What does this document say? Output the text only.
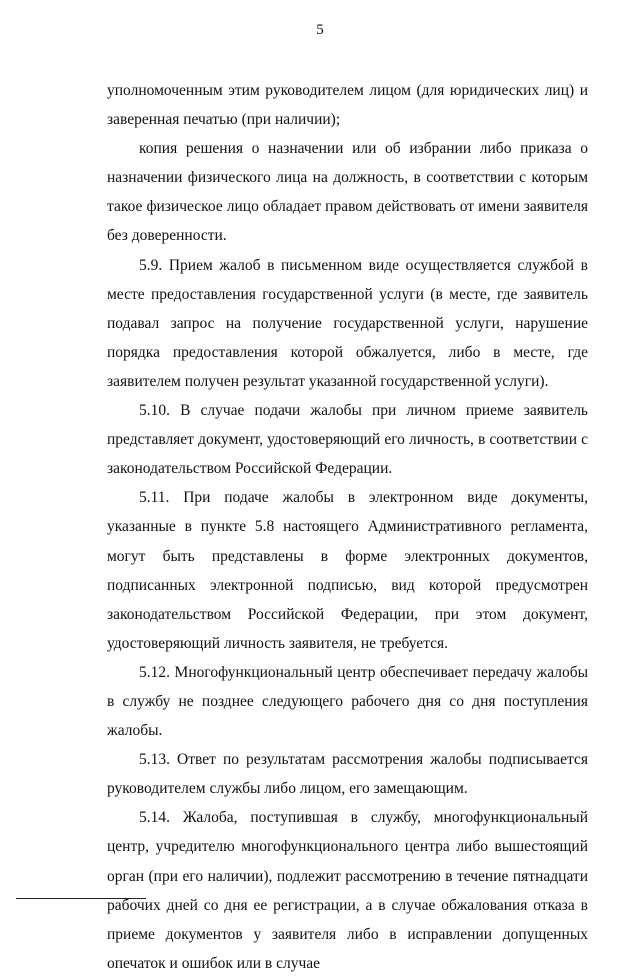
5

уполномоченным этим руководителем лицом (для юридических лиц) и заверенная печатью (при наличии);

копия решения о назначении или об избрании либо приказа о назначении физического лица на должность, в соответствии с которым такое физическое лицо обладает правом действовать от имени заявителя без доверенности.

5.9. Прием жалоб в письменном виде осуществляется службой в месте предоставления государственной услуги (в месте, где заявитель подавал запрос на получение государственной услуги, нарушение порядка предоставления которой обжалуется, либо в месте, где заявителем получен результат указанной государственной услуги).

5.10. В случае подачи жалобы при личном приеме заявитель представляет документ, удостоверяющий его личность, в соответствии с законодательством Российской Федерации.

5.11. При подаче жалобы в электронном виде документы, указанные в пункте 5.8 настоящего Административного регламента, могут быть представлены в форме электронных документов, подписанных электронной подписью, вид которой предусмотрен законодательством Российской Федерации, при этом документ, удостоверяющий личность заявителя, не требуется.

5.12. Многофункциональный центр обеспечивает передачу жалобы в службу не позднее следующего рабочего дня со дня поступления жалобы.

5.13. Ответ по результатам рассмотрения жалобы подписывается руководителем службы либо лицом, его замещающим.

5.14. Жалоба, поступившая в службу, многофункциональный центр, учредителю многофункционального центра либо вышестоящий орган (при его наличии), подлежит рассмотрению в течение пятнадцати рабочих дней со дня ее регистрации, а в случае обжалования отказа в приеме документов у заявителя либо в исправлении допущенных опечаток и ошибок или в случае
